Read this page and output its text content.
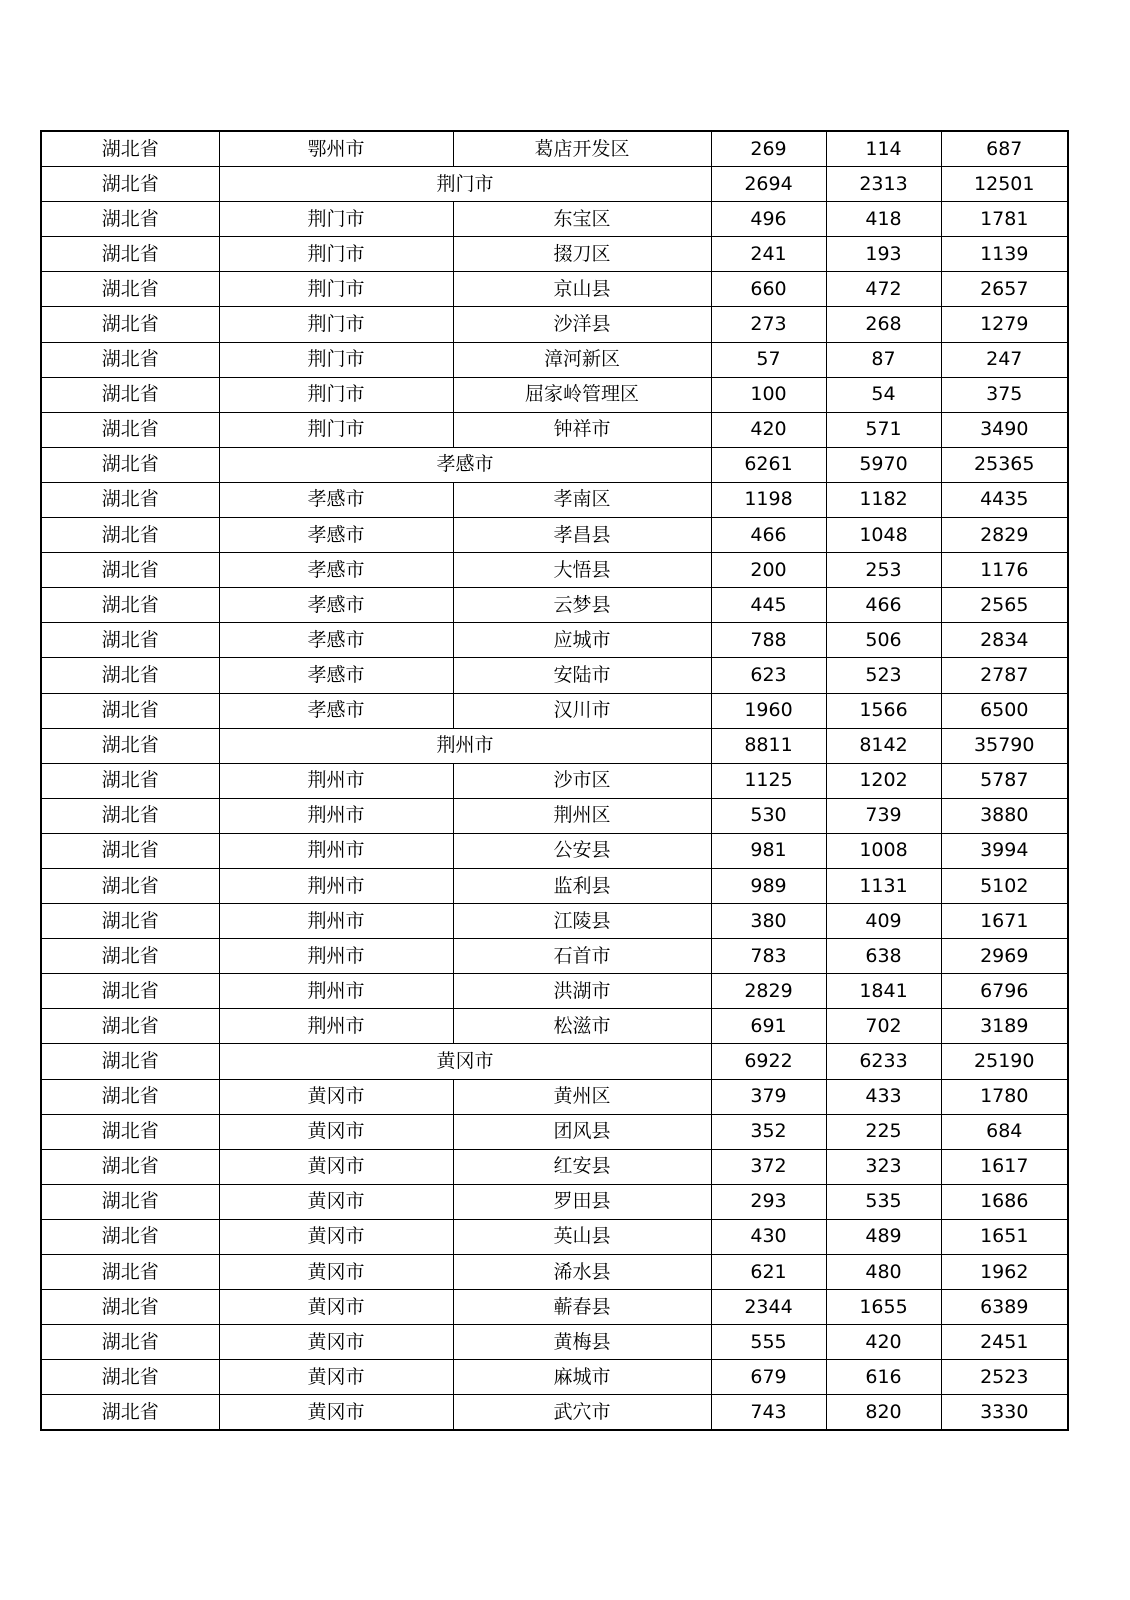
湖北省	鄂州市	葛店开发区	269	114	687
湖北省	荆门市		2694	2313	12501
湖北省	荆门市	东宝区	496	418	1781
湖北省	荆门市	掇刀区	241	193	1139
湖北省	荆门市	京山县	660	472	2657
湖北省	荆门市	沙洋县	273	268	1279
湖北省	荆门市	漳河新区	57	87	247
湖北省	荆门市	屈家岭管理区	100	54	375
湖北省	荆门市	钟祥市	420	571	3490
湖北省	孝感市		6261	5970	25365
湖北省	孝感市	孝南区	1198	1182	4435
湖北省	孝感市	孝昌县	466	1048	2829
湖北省	孝感市	大悟县	200	253	1176
湖北省	孝感市	云梦县	445	466	2565
湖北省	孝感市	应城市	788	506	2834
湖北省	孝感市	安陆市	623	523	2787
湖北省	孝感市	汉川市	1960	1566	6500
湖北省	荆州市		8811	8142	35790
湖北省	荆州市	沙市区	1125	1202	5787
湖北省	荆州市	荆州区	530	739	3880
湖北省	荆州市	公安县	981	1008	3994
湖北省	荆州市	监利县	989	1131	5102
湖北省	荆州市	江陵县	380	409	1671
湖北省	荆州市	石首市	783	638	2969
湖北省	荆州市	洪湖市	2829	1841	6796
湖北省	荆州市	松滋市	691	702	3189
湖北省	黄冈市		6922	6233	25190
湖北省	黄冈市	黄州区	379	433	1780
湖北省	黄冈市	团风县	352	225	684
湖北省	黄冈市	红安县	372	323	1617
湖北省	黄冈市	罗田县	293	535	1686
湖北省	黄冈市	英山县	430	489	1651
湖北省	黄冈市	浠水县	621	480	1962
湖北省	黄冈市	蕲春县	2344	1655	6389
湖北省	黄冈市	黄梅县	555	420	2451
湖北省	黄冈市	麻城市	679	616	2523
湖北省	黄冈市	武穴市	743	820	3330
